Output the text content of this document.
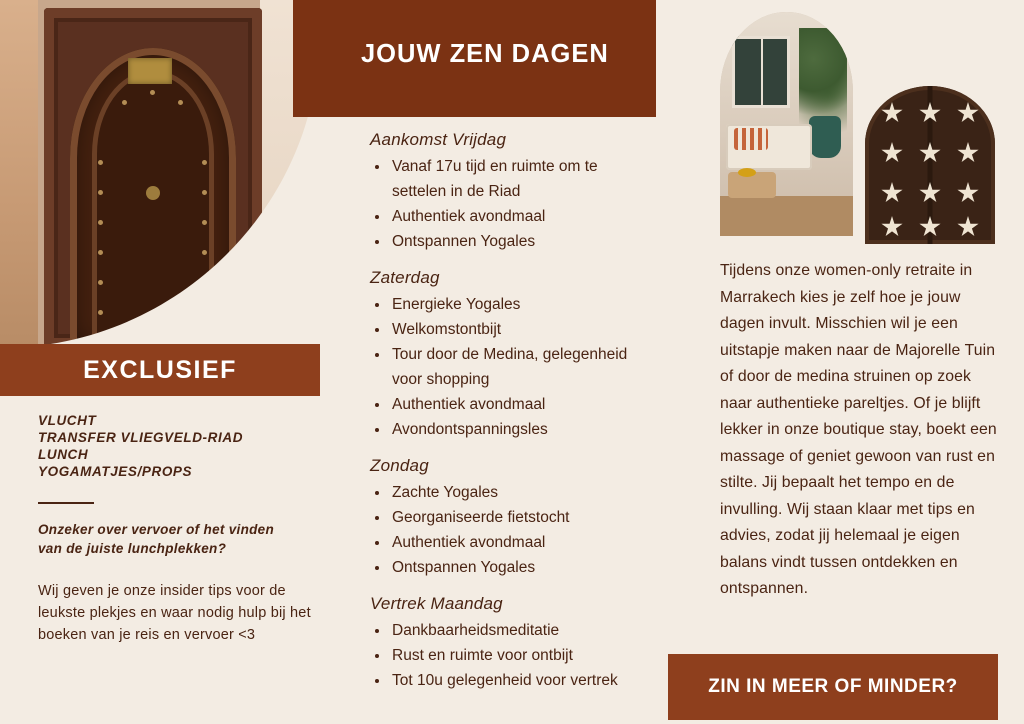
EXCLUSIEF
VLUCHT
TRANSFER VLIEGVELD-RIAD
LUNCH
YOGAMATJES/PROPS

Onzeker over vervoer of het vinden van de juiste lunchplekken?

Wij geven je onze insider tips voor de leukste plekjes en waar nodig hulp bij het boeken van je reis en vervoer <3

JOUW ZEN DAGEN
Aankomst Vrijdag
• Vanaf 17u tijd en ruimte om te settelen in de Riad
• Authentiek avondmaal
• Ontspannen Yogales
Zaterdag
• Energieke Yogales
• Welkomstontbijt
• Tour door de Medina, gelegenheid voor shopping
• Authentiek avondmaal
• Avondontspanningsles
Zondag
• Zachte Yogales
• Georganiseerde fietstocht
• Authentiek avondmaal
• Ontspannen Yogales
Vertrek Maandag
• Dankbaarheidsmeditatie
• Rust en ruimte voor ontbijt
• Tot 10u gelegenheid voor vertrek
Tijdens onze women-only retraite in Marrakech kies je zelf hoe je jouw dagen invult. Misschien wil je een uitstapje maken naar de Majorelle Tuin of door de medina struinen op zoek naar authentieke pareltjes. Of je blijft lekker in onze boutique stay, boekt een massage of geniet gewoon van rust en stilte. Jij bepaalt het tempo en de invulling. Wij staan klaar met tips en advies, zodat jij helemaal je eigen balans vindt tussen ontdekken en ontspannen.
ZIN IN MEER OF MINDER?
